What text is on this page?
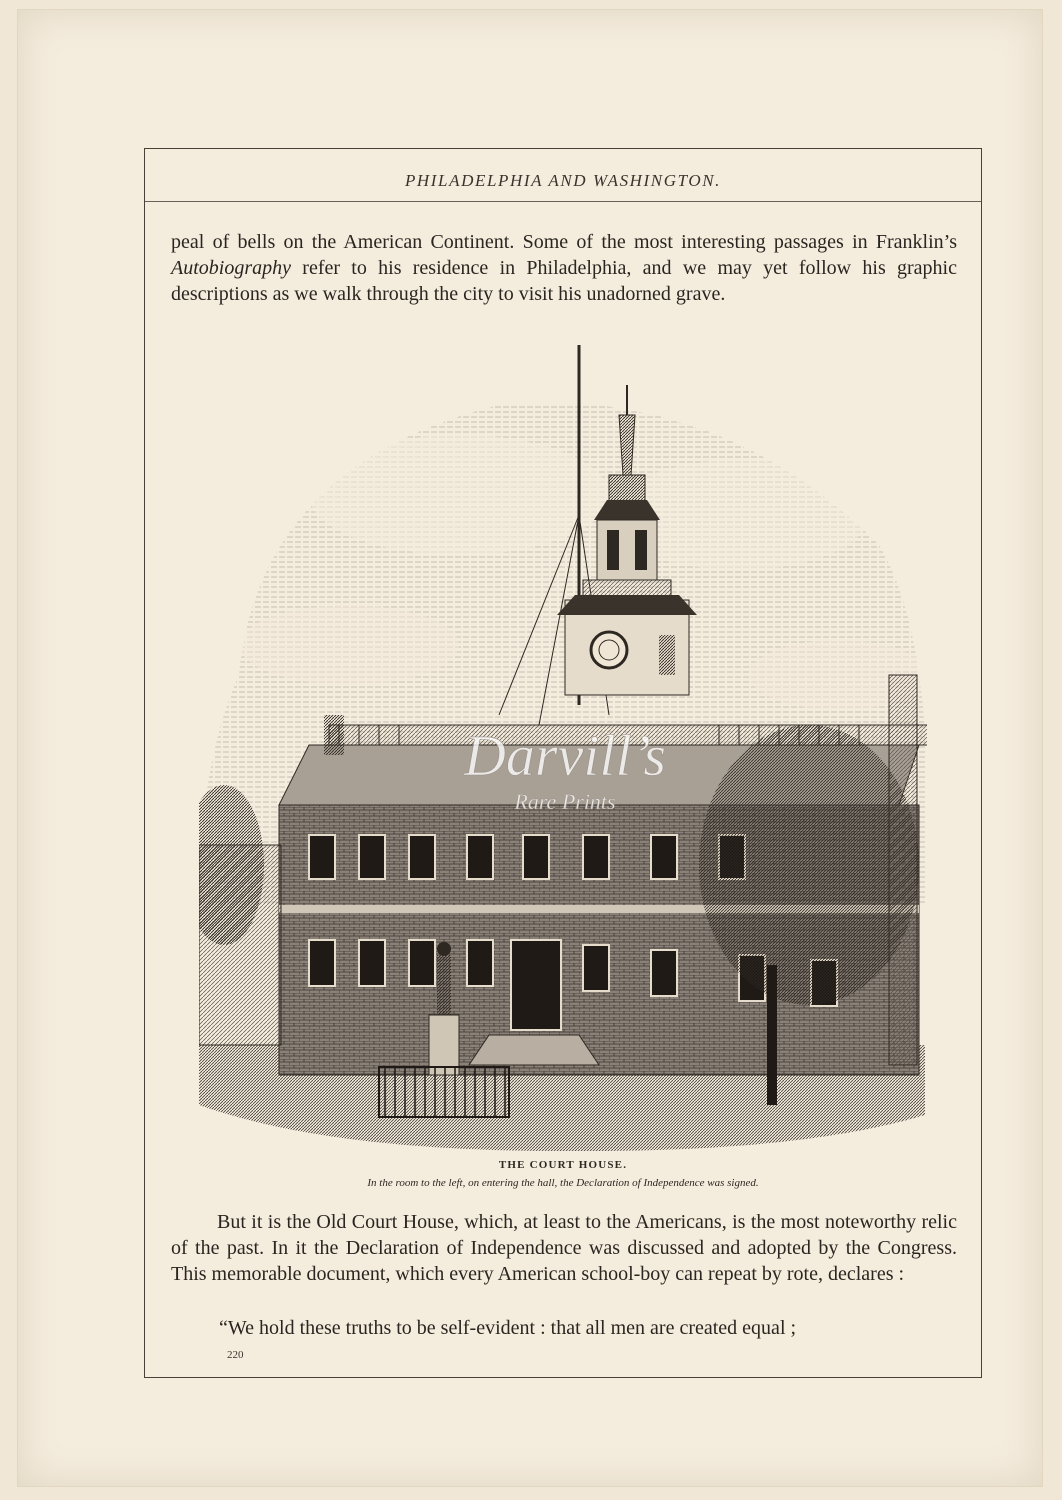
PHILADELPHIA AND WASHINGTON.
peal of bells on the American Continent. Some of the most interesting passages in Franklin’s Autobiography refer to his residence in Philadelphia, and we may yet follow his graphic descriptions as we walk through the city to visit his unadorned grave.
Darvill’s
Rare Prints
THE COURT HOUSE.
In the room to the left, on entering the hall, the Declaration of Independence was signed.
But it is the Old Court House, which, at least to the Americans, is the most noteworthy relic of the past. In it the Declaration of Independence was discussed and adopted by the Congress. This memorable document, which every American school-boy can repeat by rote, declares :
“We hold these truths to be self-evident : that all men are created equal ;
220
